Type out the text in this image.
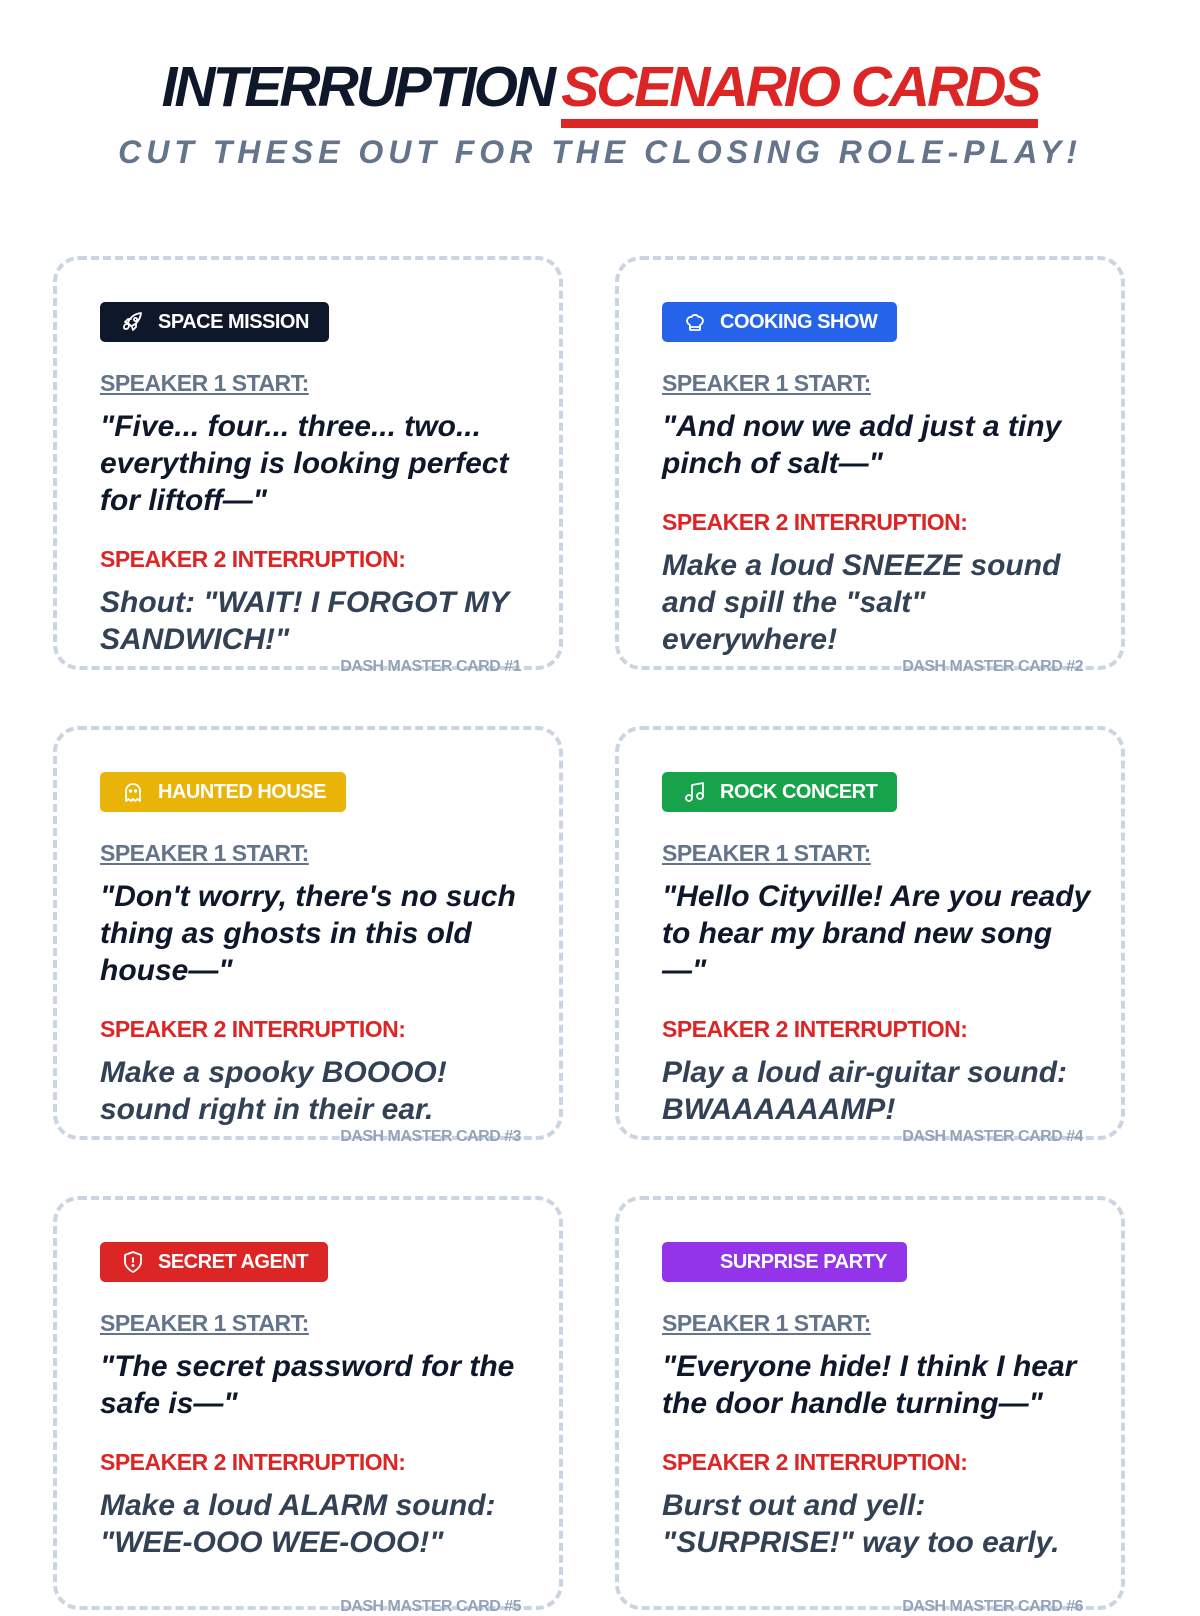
INTERRUPTION SCENARIO CARDS
CUT THESE OUT FOR THE CLOSING ROLE-PLAY!
SPACE MISSION
SPEAKER 1 START:
"Five... four... three... two... everything is looking perfect for liftoff—"
SPEAKER 2 INTERRUPTION:
Shout: "WAIT! I FORGOT MY SANDWICH!"
DASH MASTER CARD #1
COOKING SHOW
SPEAKER 1 START:
"And now we add just a tiny pinch of salt—"
SPEAKER 2 INTERRUPTION:
Make a loud SNEEZE sound and spill the "salt" everywhere!
DASH MASTER CARD #2
HAUNTED HOUSE
SPEAKER 1 START:
"Don't worry, there's no such thing as ghosts in this old house—"
SPEAKER 2 INTERRUPTION:
Make a spooky BOOOO! sound right in their ear.
DASH MASTER CARD #3
ROCK CONCERT
SPEAKER 1 START:
"Hello Cityville! Are you ready to hear my brand new song—"
SPEAKER 2 INTERRUPTION:
Play a loud air-guitar sound: BWAAAAAAMP!
DASH MASTER CARD #4
SECRET AGENT
SPEAKER 1 START:
"The secret password for the safe is—"
SPEAKER 2 INTERRUPTION:
Make a loud ALARM sound: "WEE-OOO WEE-OOO!"
DASH MASTER CARD #5
SURPRISE PARTY
SPEAKER 1 START:
"Everyone hide! I think I hear the door handle turning—"
SPEAKER 2 INTERRUPTION:
Burst out and yell: "SURPRISE!" way too early.
DASH MASTER CARD #6
